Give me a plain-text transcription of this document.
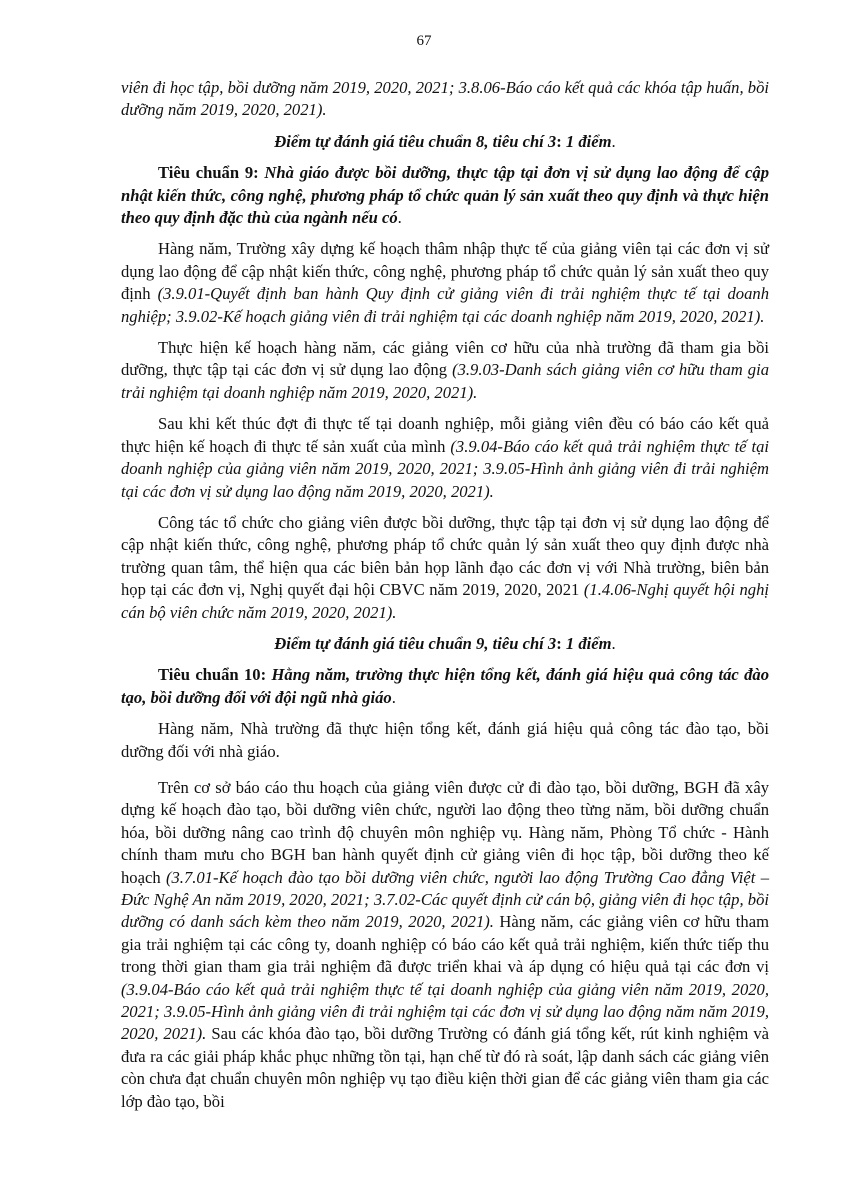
67

viên đi học tập, bồi dưỡng năm 2019, 2020, 2021; 3.8.06-Báo cáo kết quả các khóa tập huấn, bồi dưỡng năm 2019, 2020, 2021).

Điểm tự đánh giá tiêu chuẩn 8, tiêu chí 3: 1 điểm.

Tiêu chuẩn 9: Nhà giáo được bồi dưỡng, thực tập tại đơn vị sử dụng lao động để cập nhật kiến thức, công nghệ, phương pháp tổ chức quản lý sản xuất theo quy định và thực hiện theo quy định đặc thù của ngành nếu có.

Hàng năm, Trường xây dựng kế hoạch thâm nhập thực tế của giảng viên tại các đơn vị sử dụng lao động để cập nhật kiến thức, công nghệ, phương pháp tổ chức quản lý sản xuất theo quy định (3.9.01-Quyết định ban hành Quy định cử giảng viên đi trải nghiệm thực tế tại doanh nghiệp; 3.9.02-Kế hoạch giảng viên đi trải nghiệm tại các doanh nghiệp năm 2019, 2020, 2021).

Thực hiện kế hoạch hàng năm, các giảng viên cơ hữu của nhà trường đã tham gia bồi dưỡng, thực tập tại các đơn vị sử dụng lao động (3.9.03-Danh sách giảng viên cơ hữu tham gia trải nghiệm tại doanh nghiệp năm 2019, 2020, 2021).

Sau khi kết thúc đợt đi thực tế tại doanh nghiệp, mỗi giảng viên đều có báo cáo kết quả thực hiện kế hoạch đi thực tế sản xuất của mình (3.9.04-Báo cáo kết quả trải nghiệm thực tế tại doanh nghiệp của giảng viên năm 2019, 2020, 2021; 3.9.05-Hình ảnh giảng viên đi trải nghiệm tại các đơn vị sử dụng lao động năm 2019, 2020, 2021).

Công tác tổ chức cho giảng viên được bồi dưỡng, thực tập tại đơn vị sử dụng lao động để cập nhật kiến thức, công nghệ, phương pháp tổ chức quản lý sản xuất theo quy định được nhà trường quan tâm, thể hiện qua các biên bản họp lãnh đạo các đơn vị với Nhà trường, biên bản họp tại các đơn vị, Nghị quyết đại hội CBVC năm 2019, 2020, 2021 (1.4.06-Nghị quyết hội nghị cán bộ viên chức năm 2019, 2020, 2021).

Điểm tự đánh giá tiêu chuẩn 9, tiêu chí 3: 1 điểm.

Tiêu chuẩn 10: Hằng năm, trường thực hiện tổng kết, đánh giá hiệu quả công tác đào tạo, bồi dưỡng đối với đội ngũ nhà giáo.

Hàng năm, Nhà trường đã thực hiện tổng kết, đánh giá hiệu quả công tác đào tạo, bồi dưỡng đối với nhà giáo.

Trên cơ sở báo cáo thu hoạch của giảng viên được cử đi đào tạo, bồi dưỡng, BGH đã xây dựng kế hoạch đào tạo, bồi dưỡng viên chức, người lao động theo từng năm, bồi dưỡng chuẩn hóa, bồi dưỡng nâng cao trình độ chuyên môn nghiệp vụ. Hàng năm, Phòng Tổ chức - Hành chính tham mưu cho BGH ban hành quyết định cử giảng viên đi học tập, bồi dưỡng theo kế hoạch (3.7.01-Kế hoạch đào tạo bồi dưỡng viên chức, người lao động Trường Cao đẳng Việt – Đức Nghệ An năm 2019, 2020, 2021; 3.7.02-Các quyết định cử cán bộ, giảng viên đi học tập, bồi dưỡng có danh sách kèm theo năm 2019, 2020, 2021). Hàng năm, các giảng viên cơ hữu tham gia trải nghiệm tại các công ty, doanh nghiệp có báo cáo kết quả trải nghiệm, kiến thức tiếp thu trong thời gian tham gia trải nghiệm đã được triển khai và áp dụng có hiệu quả tại các đơn vị (3.9.04-Báo cáo kết quả trải nghiệm thực tế tại doanh nghiệp của giảng viên năm 2019, 2020, 2021; 3.9.05-Hình ảnh giảng viên đi trải nghiệm tại các đơn vị sử dụng lao động năm năm 2019, 2020, 2021). Sau các khóa đào tạo, bồi dưỡng Trường có đánh giá tổng kết, rút kinh nghiệm và đưa ra các giải pháp khắc phục những tồn tại, hạn chế từ đó rà soát, lập danh sách các giảng viên còn chưa đạt chuẩn chuyên môn nghiệp vụ tạo điều kiện thời gian để các giảng viên tham gia các lớp đào tạo, bồi
